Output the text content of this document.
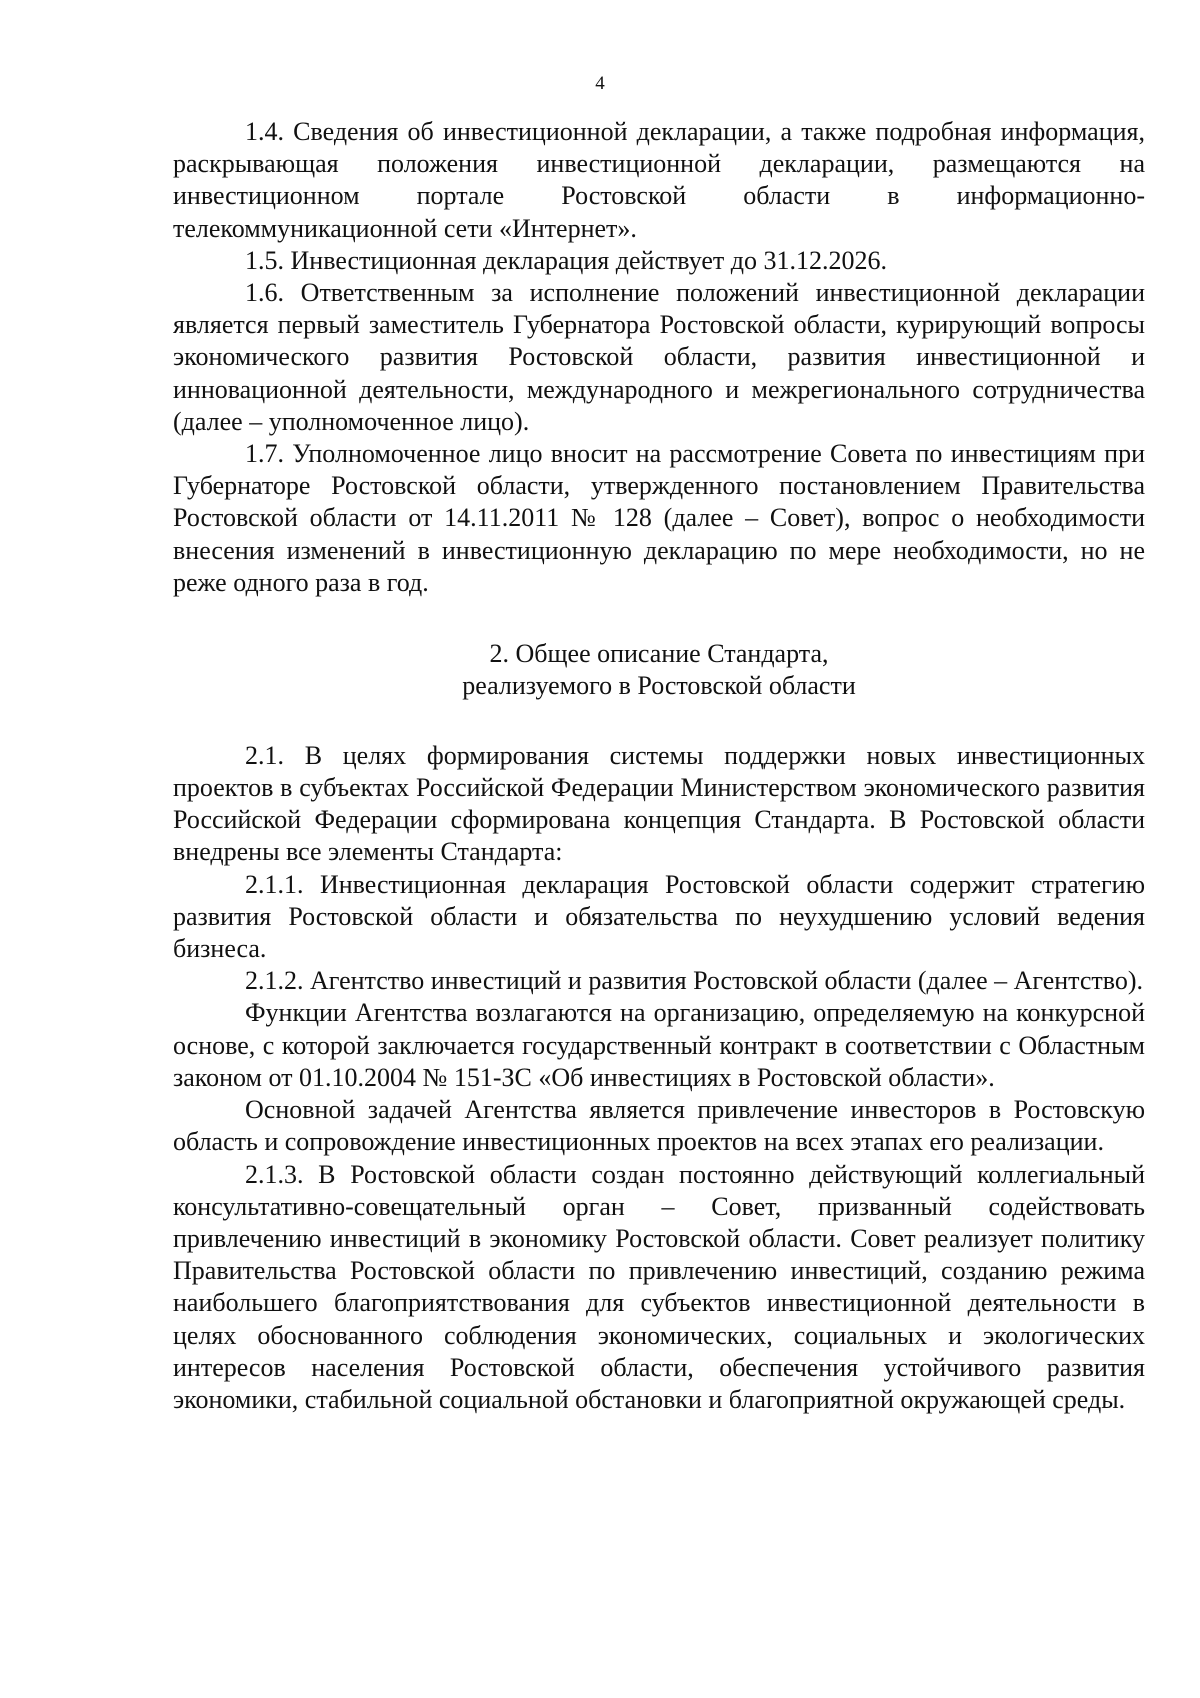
4

1.4. Сведения об инвестиционной декларации, а также подробная информация, раскрывающая положения инвестиционной декларации, размещаются на инвестиционном портале Ростовской области в информационно-телекоммуникационной сети «Интернет».

1.5. Инвестиционная декларация действует до 31.12.2026.

1.6. Ответственным за исполнение положений инвестиционной декларации является первый заместитель Губернатора Ростовской области, курирующий вопросы экономического развития Ростовской области, развития инвестиционной и инновационной деятельности, международного и межрегионального сотрудничества (далее – уполномоченное лицо).

1.7. Уполномоченное лицо вносит на рассмотрение Совета по инвестициям при Губернаторе Ростовской области, утвержденного постановлением Правительства Ростовской области от 14.11.2011 № 128 (далее – Совет), вопрос о необходимости внесения изменений в инвестиционную декларацию по мере необходимости, но не реже одного раза в год.

2. Общее описание Стандарта,
реализуемого в Ростовской области

2.1. В целях формирования системы поддержки новых инвестиционных проектов в субъектах Российской Федерации Министерством экономического развития Российской Федерации сформирована концепция Стандарта. В Ростовской области внедрены все элементы Стандарта:

2.1.1. Инвестиционная декларация Ростовской области содержит стратегию развития Ростовской области и обязательства по неухудшению условий ведения бизнеса.

2.1.2. Агентство инвестиций и развития Ростовской области (далее – Агентство).

Функции Агентства возлагаются на организацию, определяемую на конкурсной основе, с которой заключается государственный контракт в соответствии с Областным законом от 01.10.2004 № 151-ЗС «Об инвестициях в Ростовской области».

Основной задачей Агентства является привлечение инвесторов в Ростовскую область и сопровождение инвестиционных проектов на всех этапах его реализации.

2.1.3. В Ростовской области создан постоянно действующий коллегиальный консультативно-совещательный орган – Совет, призванный содействовать привлечению инвестиций в экономику Ростовской области. Совет реализует политику Правительства Ростовской области по привлечению инвестиций, созданию режима наибольшего благоприятствования для субъектов инвестиционной деятельности в целях обоснованного соблюдения экономических, социальных и экологических интересов населения Ростовской области, обеспечения устойчивого развития экономики, стабильной социальной обстановки и благоприятной окружающей среды.
